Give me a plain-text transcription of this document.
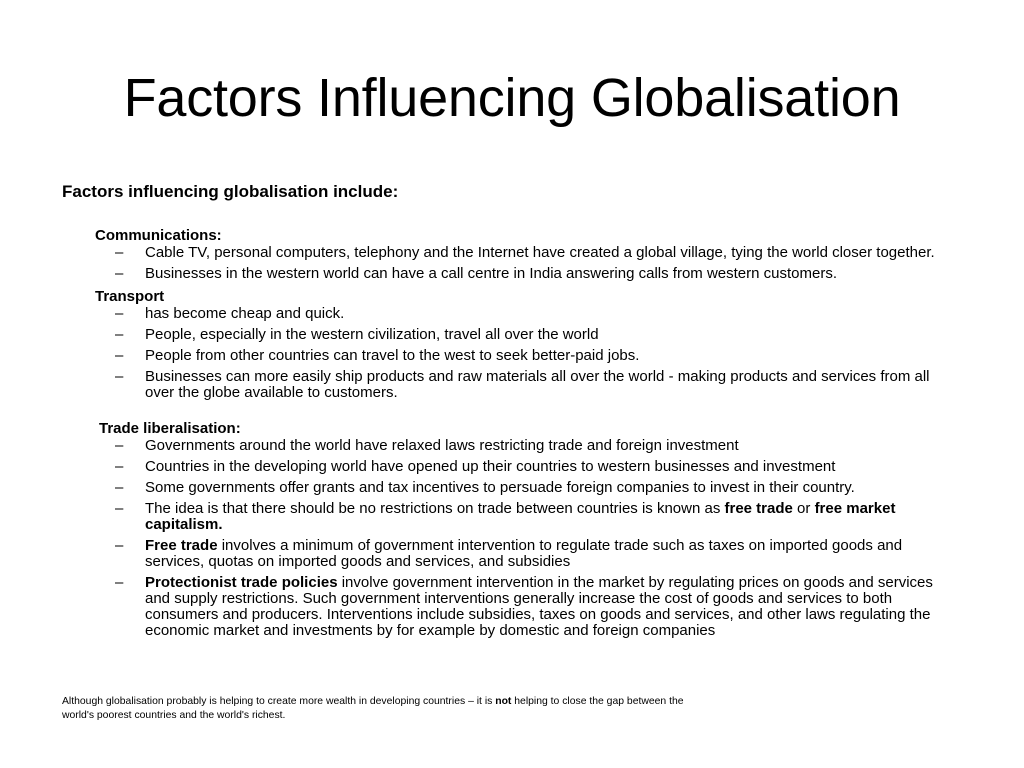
Factors Influencing Globalisation

Factors influencing globalisation include:

Communications:

– Cable TV, personal computers, telephony and the Internet have created a global village, tying the world closer together.
– Businesses in the western world can have a call centre in India answering calls from western customers.

Transport

– has become cheap and quick.
– People, especially in the western civilization, travel all over the world
– People from other countries can travel to the west to seek better-paid jobs.
– Businesses can more easily ship products and raw materials all over the world - making products and services from all over the globe available to customers.

Trade liberalisation:

– Governments around the world have relaxed laws restricting trade and foreign investment
– Countries in the developing world have opened up their countries to western businesses and investment
– Some governments offer grants and tax incentives to persuade foreign companies to invest in their country.
– The idea is that there should be no restrictions on trade between countries is known as free trade or free market capitalism.
– Free trade involves a minimum of government intervention to regulate trade such as taxes on imported goods and services, quotas on imported goods and services, and subsidies
– Protectionist trade policies involve government intervention in the market by regulating prices on goods and services and supply restrictions. Such government interventions generally increase the cost of goods and services to both consumers and producers. Interventions include subsidies, taxes on goods and services, and other laws regulating the economic market and investments by for example by domestic and foreign companies
Although globalisation probably is helping to create more wealth in developing countries – it is not helping to close the gap between the world's poorest countries and the world's richest.
